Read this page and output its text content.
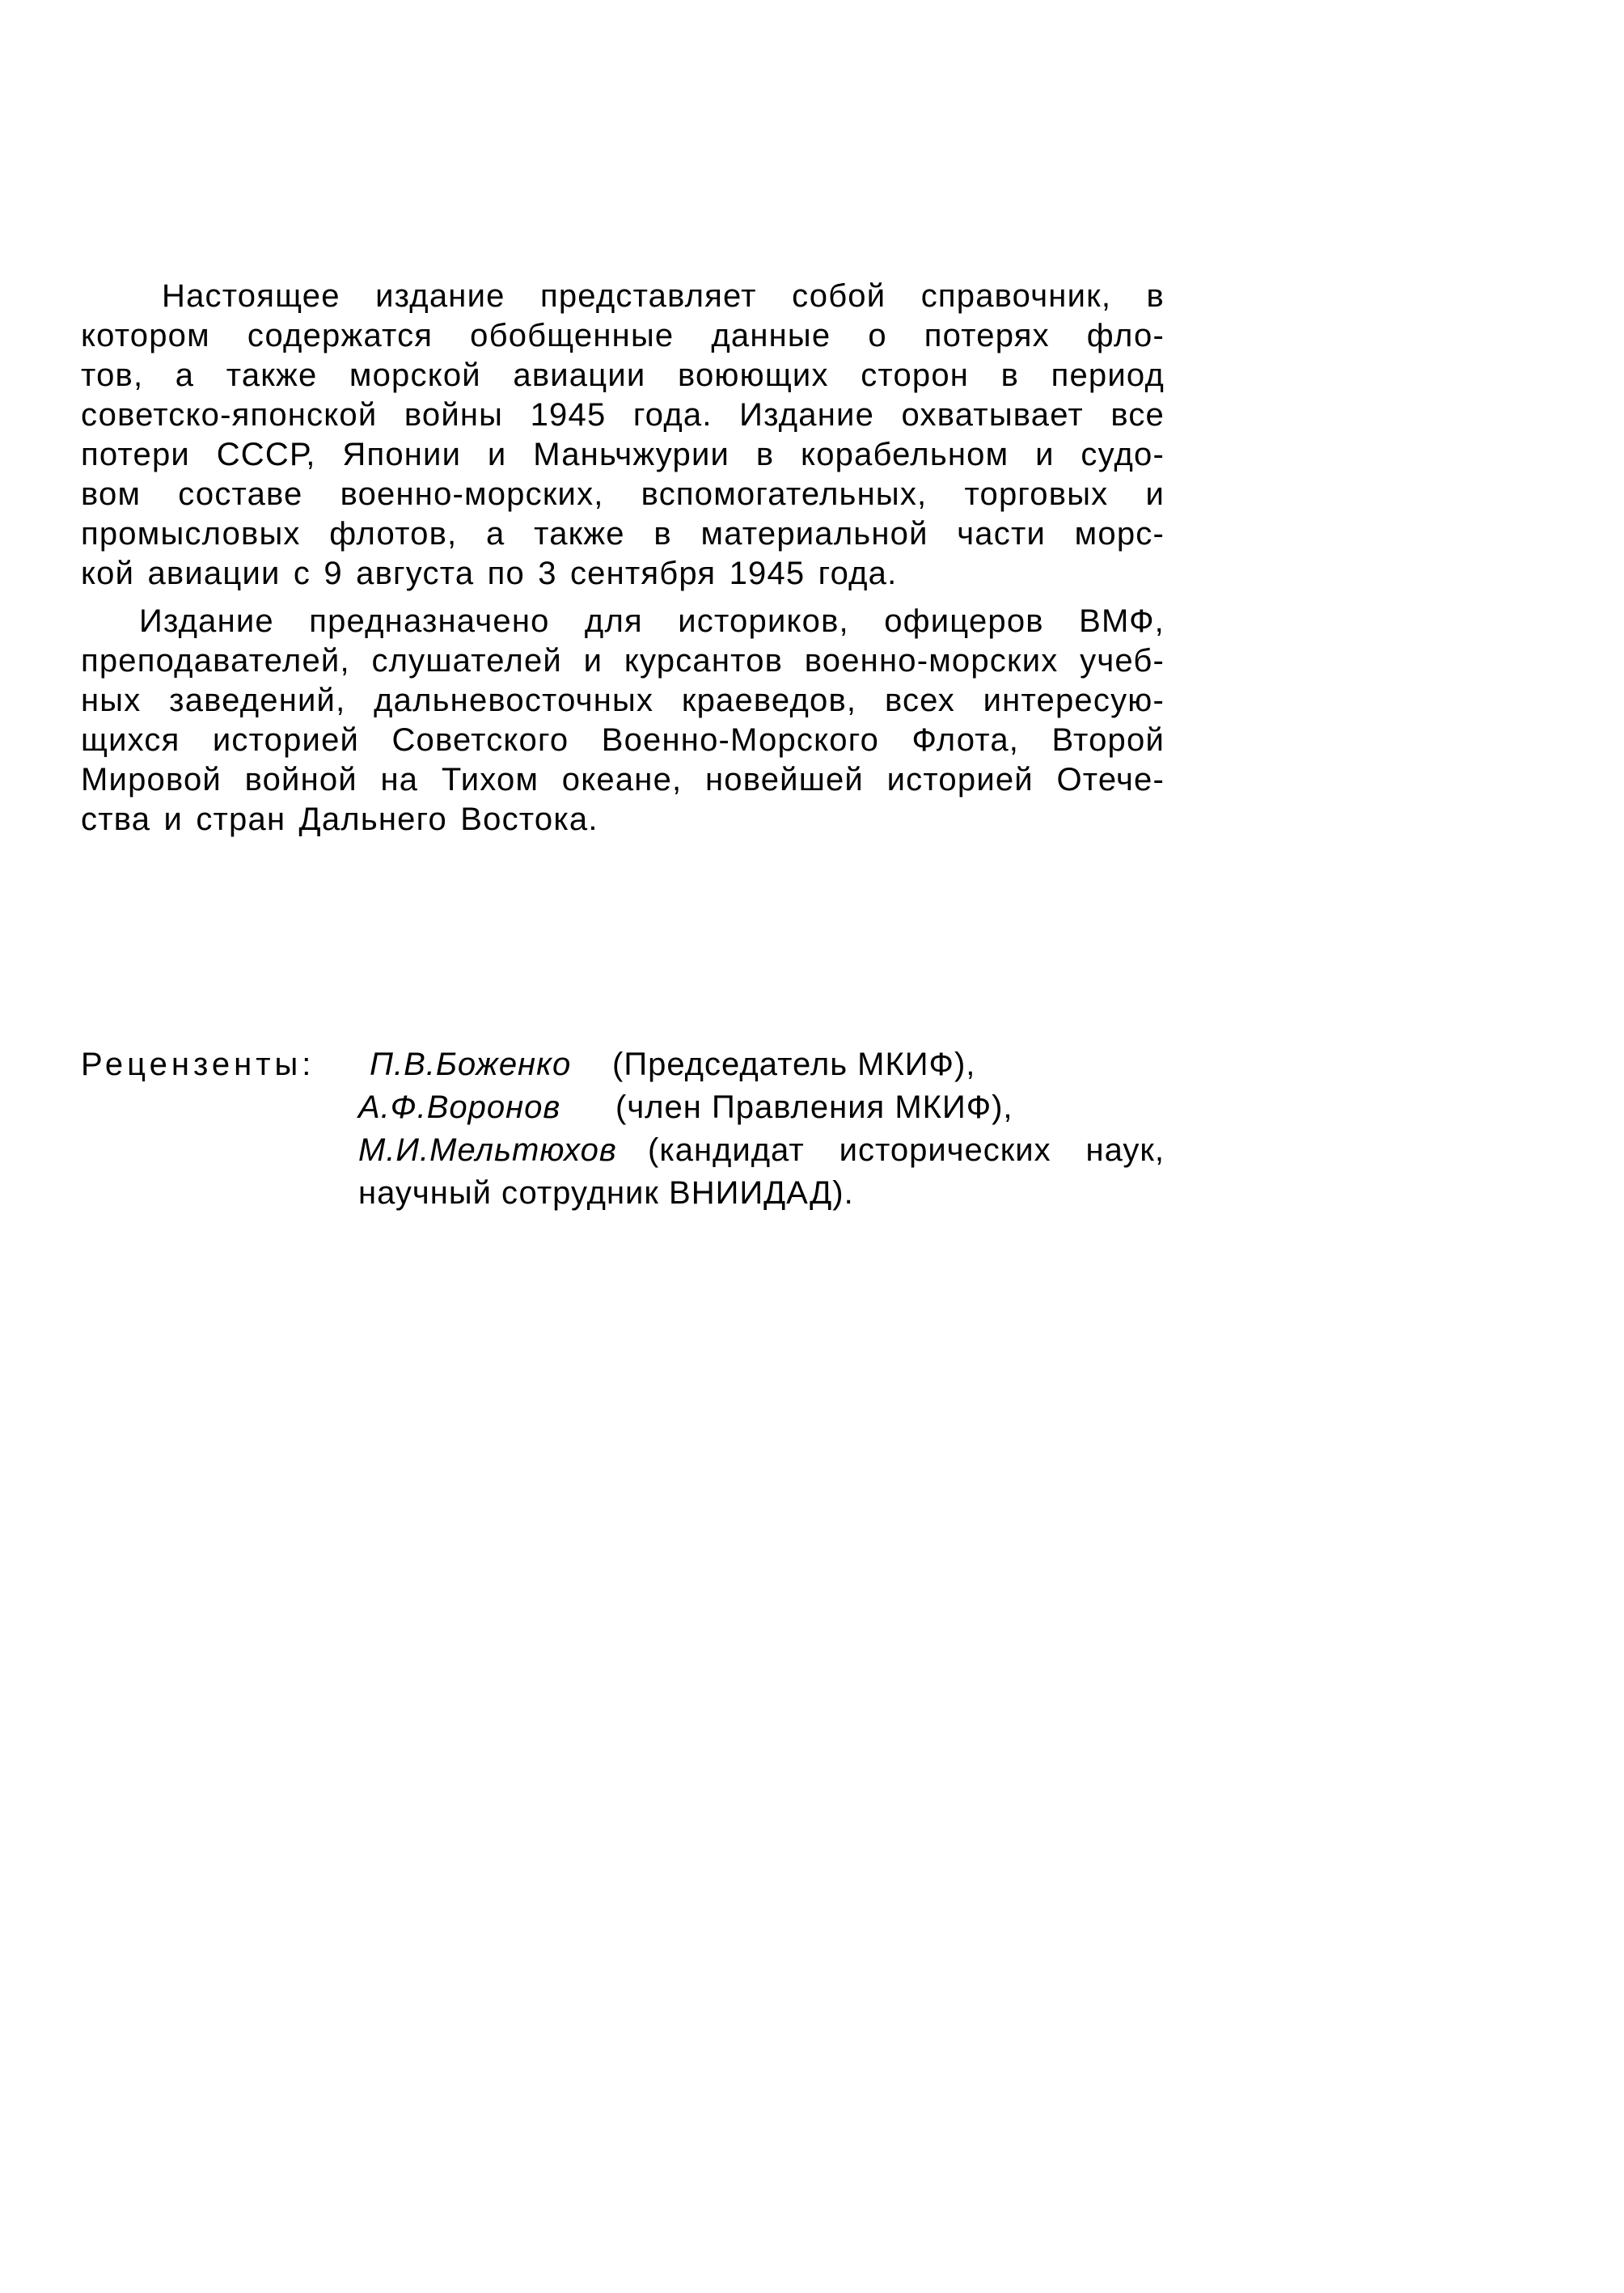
Настоящее издание представляет собой справочник, в
котором содержатся обобщенные данные о потерях фло-
тов, а также морской авиации воюющих сторон в период
советско-японской войны 1945 года. Издание охватывает все
потери СССР, Японии и Маньчжурии в корабельном и судо-
вом составе военно-морских, вспомогательных, торговых и
промысловых флотов, а также в материальной части морс-
кой авиации с 9 августа по 3 сентября 1945 года.

Издание предназначено для историков, офицеров ВМФ,
преподавателей, слушателей и курсантов военно-морских учеб-
ных заведений, дальневосточных краеведов, всех интересую-
щихся историей Советского Военно-Морского Флота, Второй
Мировой войной на Тихом океане, новейшей историей Отече-
ства и стран Дальнего Востока.

Рецензенты:	П.В.Боженко (Председатель МКИФ),
А.Ф.Воронов (член Правления МКИФ),
М.И.Мельтюхов (кандидат исторических наук,
научный сотрудник ВНИИДАД).
